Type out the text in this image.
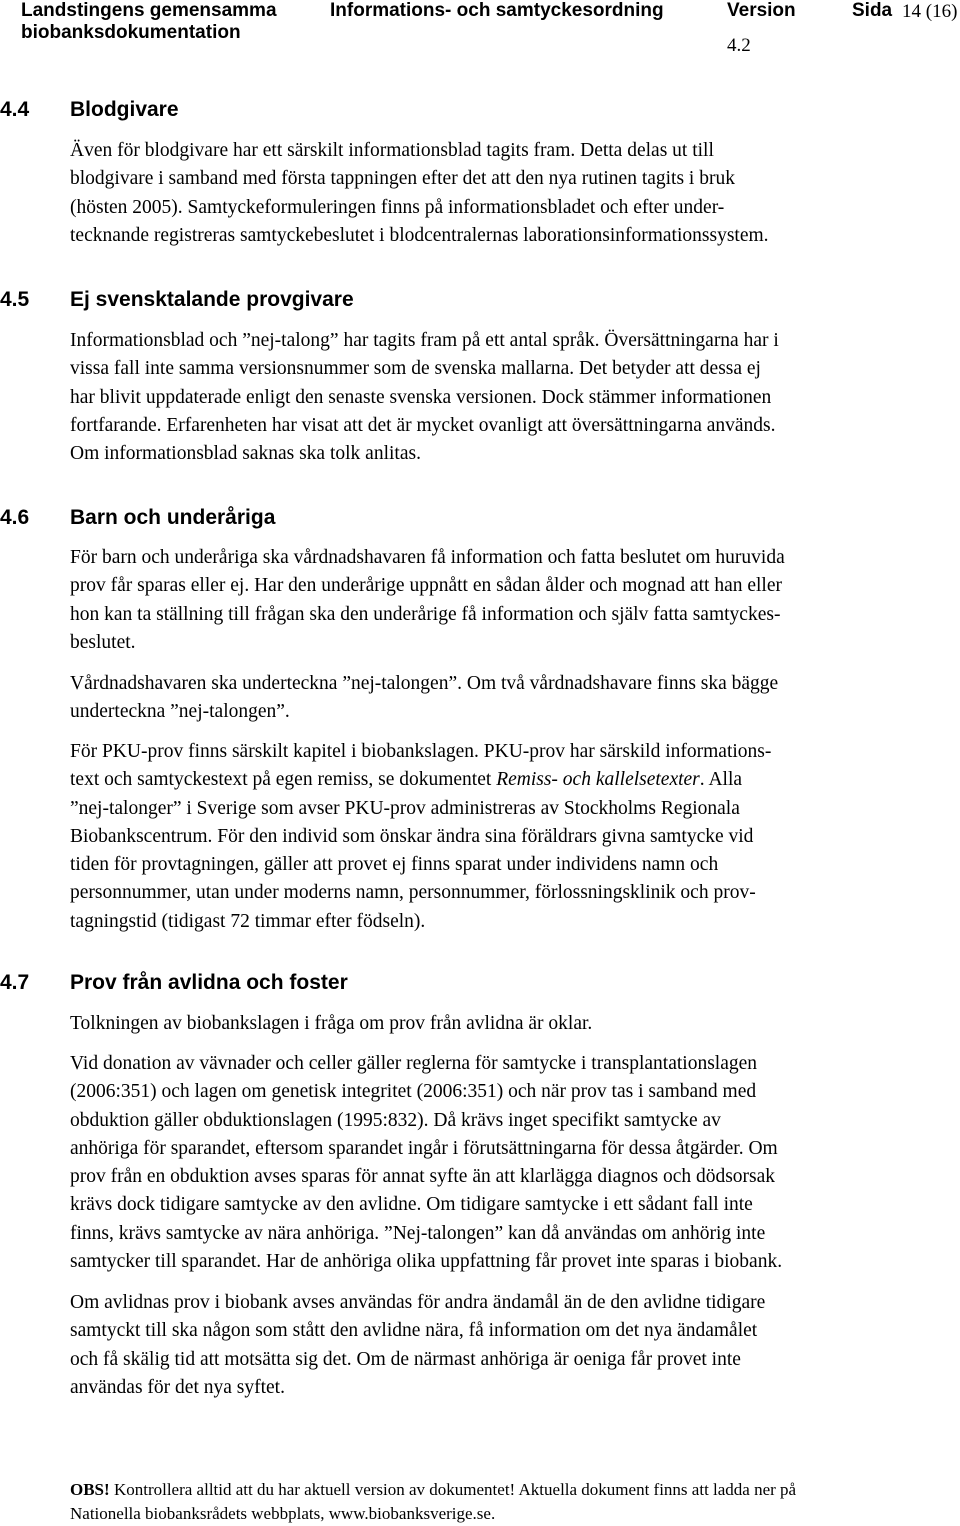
Landstingens gemensamma
biobanksdokumentation
Informations- och samtyckesordning	Version
4.2
Sida 14 (16)
4.4 Blodgivare
Även för blodgivare har ett särskilt informationsblad tagits fram. Detta delas ut till
blodgivare i samband med första tappningen efter det att den nya rutinen tagits i bruk
(hösten 2005). Samtyckeformuleringen finns på informationsbladet och efter under-
tecknande registreras samtyckebeslutet i blodcentralernas laborationsinformationssystem.
4.5 Ej svensktalande provgivare
Informationsblad och ”nej-talong” har tagits fram på ett antal språk. Översättningarna har i
vissa fall inte samma versionsnummer som de svenska mallarna. Det betyder att dessa ej
har blivit uppdaterade enligt den senaste svenska versionen. Dock stämmer informationen
fortfarande. Erfarenheten har visat att det är mycket ovanligt att översättningarna används.
Om informationsblad saknas ska tolk anlitas.
4.6 Barn och underåriga
För barn och underåriga ska vårdnadshavaren få information och fatta beslutet om huruvida
prov får sparas eller ej. Har den underårige uppnått en sådan ålder och mognad att han eller
hon kan ta ställning till frågan ska den underårige få information och själv fatta samtyckes-
beslutet.
Vårdnadshavaren ska underteckna ”nej-talongen”. Om två vårdnadshavare finns ska bägge
underteckna ”nej-talongen”.
För PKU-prov finns särskilt kapitel i biobankslagen. PKU-prov har särskild informations-
text och samtyckestext på egen remiss, se dokumentet Remiss- och kallelsetexter. Alla
”nej-talonger” i Sverige som avser PKU-prov administreras av Stockholms Regionala
Biobankscentrum. För den individ som önskar ändra sina föräldrars givna samtycke vid
tiden för provtagningen, gäller att provet ej finns sparat under individens namn och
personnummer, utan under moderns namn, personnummer, förlossningsklinik och prov-
tagningstid (tidigast 72 timmar efter födseln).
4.7 Prov från avlidna och foster
Tolkningen av biobankslagen i fråga om prov från avlidna är oklar.
Vid donation av vävnader och celler gäller reglerna för samtycke i transplantationslagen
(2006:351) och lagen om genetisk integritet (2006:351) och när prov tas i samband med
obduktion gäller obduktionslagen (1995:832). Då krävs inget specifikt samtycke av
anhöriga för sparandet, eftersom sparandet ingår i förutsättningarna för dessa åtgärder. Om
prov från en obduktion avses sparas för annat syfte än att klarlägga diagnos och dödsorsak
krävs dock tidigare samtycke av den avlidne. Om tidigare samtycke i ett sådant fall inte
finns, krävs samtycke av nära anhöriga. ”Nej-talongen” kan då användas om anhörig inte
samtycker till sparandet. Har de anhöriga olika uppfattning får provet inte sparas i biobank.
Om avlidnas prov i biobank avses användas för andra ändamål än de den avlidne tidigare
samtyckt till ska någon som stått den avlidne nära, få information om det nya ändamålet
och få skälig tid att motsätta sig det. Om de närmast anhöriga är oeniga får provet inte
användas för det nya syftet.
OBS! Kontrollera alltid att du har aktuell version av dokumentet! Aktuella dokument finns att ladda ner på
Nationella biobanksrådets webbplats, www.biobanksverige.se.
